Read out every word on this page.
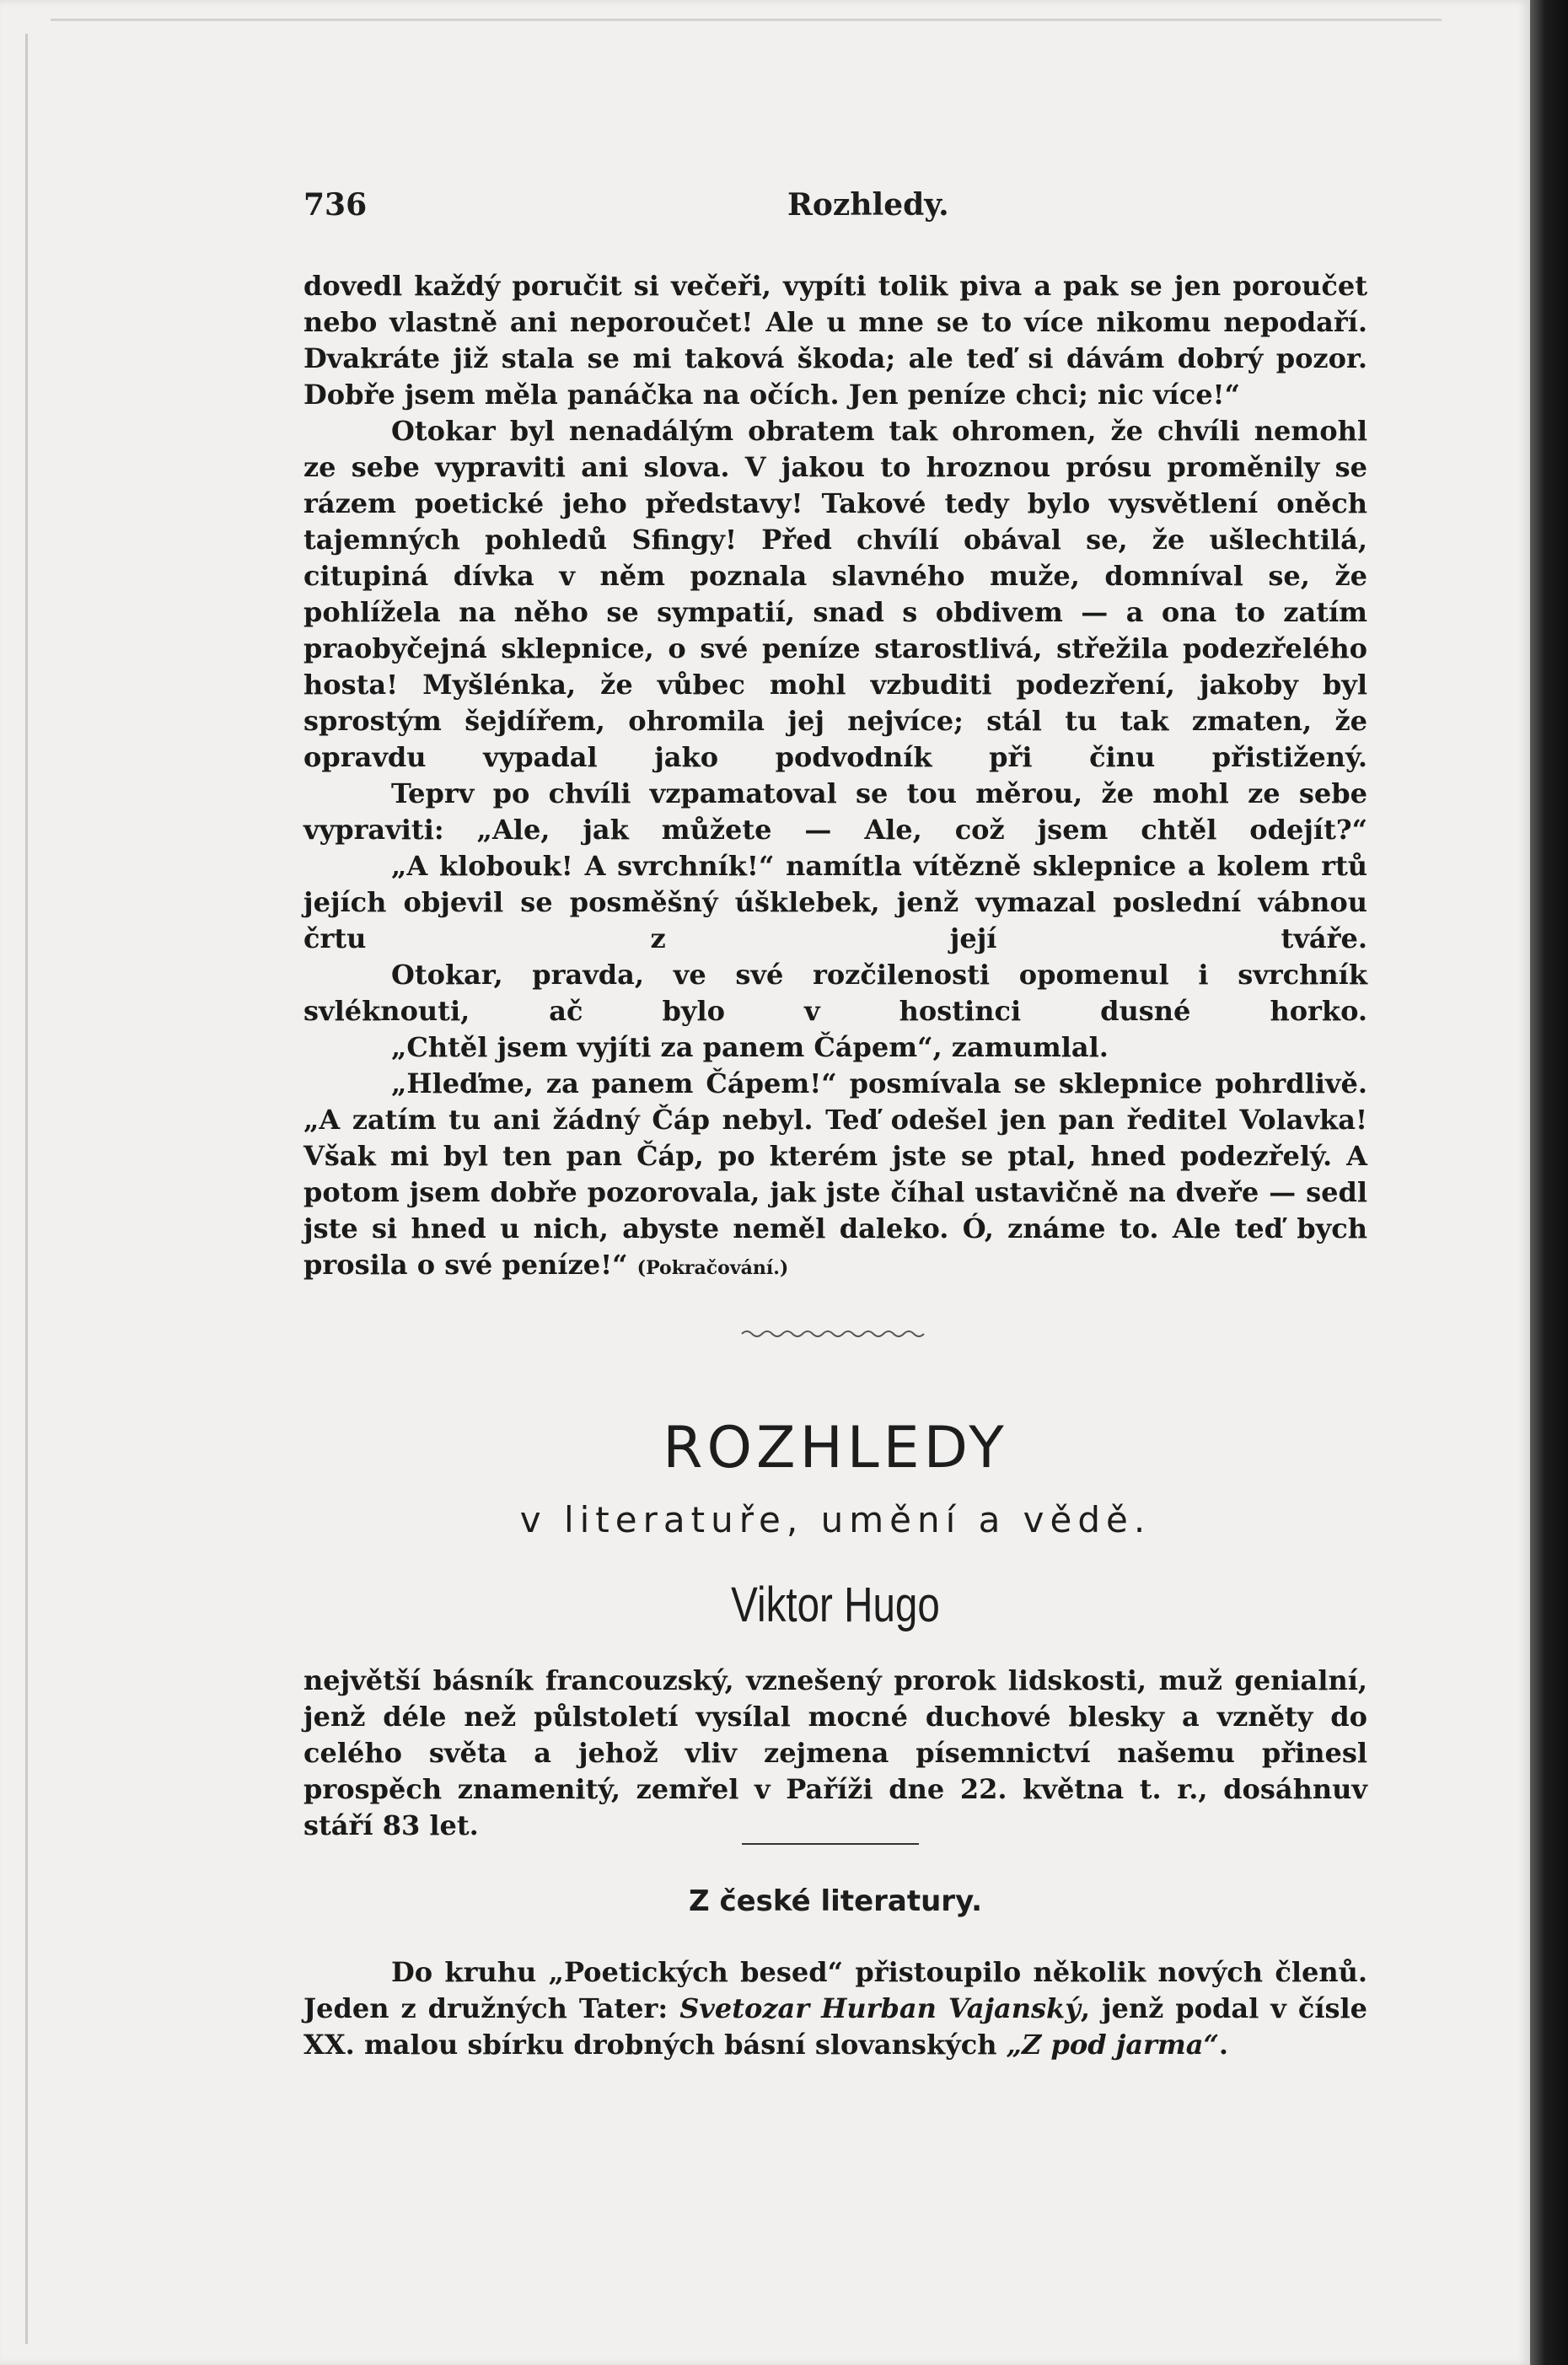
736	Rozhledy.

dovedl každý poručit si večeři, vypíti tolik piva a pak se jen poroučet nebo vlastně ani neporoučet! Ale u mne se to více nikomu nepodaří. Dvakráte již stala se mi taková škoda; ale teď si dávám dobrý pozor. Dobře jsem měla panáčka na očích. Jen peníze chci; nic více!“

Otokar byl nenadálým obratem tak ohromen, že chvíli nemohl ze sebe vypraviti ani slova. V jakou to hroznou prósu proměnily se rázem poetické jeho představy! Takové tedy bylo vysvětlení oněch tajemných pohledů Sfingy! Před chvílí obával se, že ušlechtilá, citupiná dívka v něm poznala slavného muže, domníval se, že pohlížela na něho se sympatií, snad s obdivem — a ona to zatím praobyčejná sklepnice, o své peníze starostlivá, střežila podezřelého hosta! Myšlénka, že vůbec mohl vzbuditi podezření, jakoby byl sprostým šejdířem, ohromila jej nejvíce; stál tu tak zmaten, že opravdu vypadal jako podvodník při činu přistižený.

Teprv po chvíli vzpamatoval se tou měrou, že mohl ze sebe vypraviti: „Ale, jak můžete — Ale, což jsem chtěl odejít?“

„A klobouk! A svrchník!“ namítla vítězně sklepnice a kolem rtů jejích objevil se posměšný úšklebek, jenž vymazal poslední vábnou črtu z její tváře.

Otokar, pravda, ve své rozčilenosti opomenul i svrchník svléknouti, ač bylo v hostinci dusné horko.

„Chtěl jsem vyjíti za panem Čápem“, zamumlal.

„Hleďme, za panem Čápem!“ posmívala se sklepnice pohrdlivě. „A zatím tu ani žádný Čáp nebyl. Teď odešel jen pan ředitel Volavka! Však mi byl ten pan Čáp, po kterém jste se ptal, hned podezřelý. A potom jsem dobře pozorovala, jak jste číhal ustavičně na dveře — sedl jste si hned u nich, abyste neměl daleko. Ó, známe to. Ale teď bych prosila o své peníze!“ (Pokračování.)

ROZHLEDY
v literatuře, umění a vědě.
Viktor Hugo

největší básník francouzský, vznešený prorok lidskosti, muž genialní, jenž déle než půlstoletí vysílal mocné duchové blesky a vzněty do celého světa a jehož vliv zejmena písemnictví našemu přinesl prospěch znamenitý, zemřel v Paříži dne 22. května t. r., dosáhnuv stáří 83 let.

Z české literatury.

Do kruhu „Poetických besed“ přistoupilo několik nových členů. Jeden z družných Tater: Svetozar Hurban Vajanský, jenž podal v čísle XX. malou sbírku drobných básní slovanských „Z pod jarma“.
